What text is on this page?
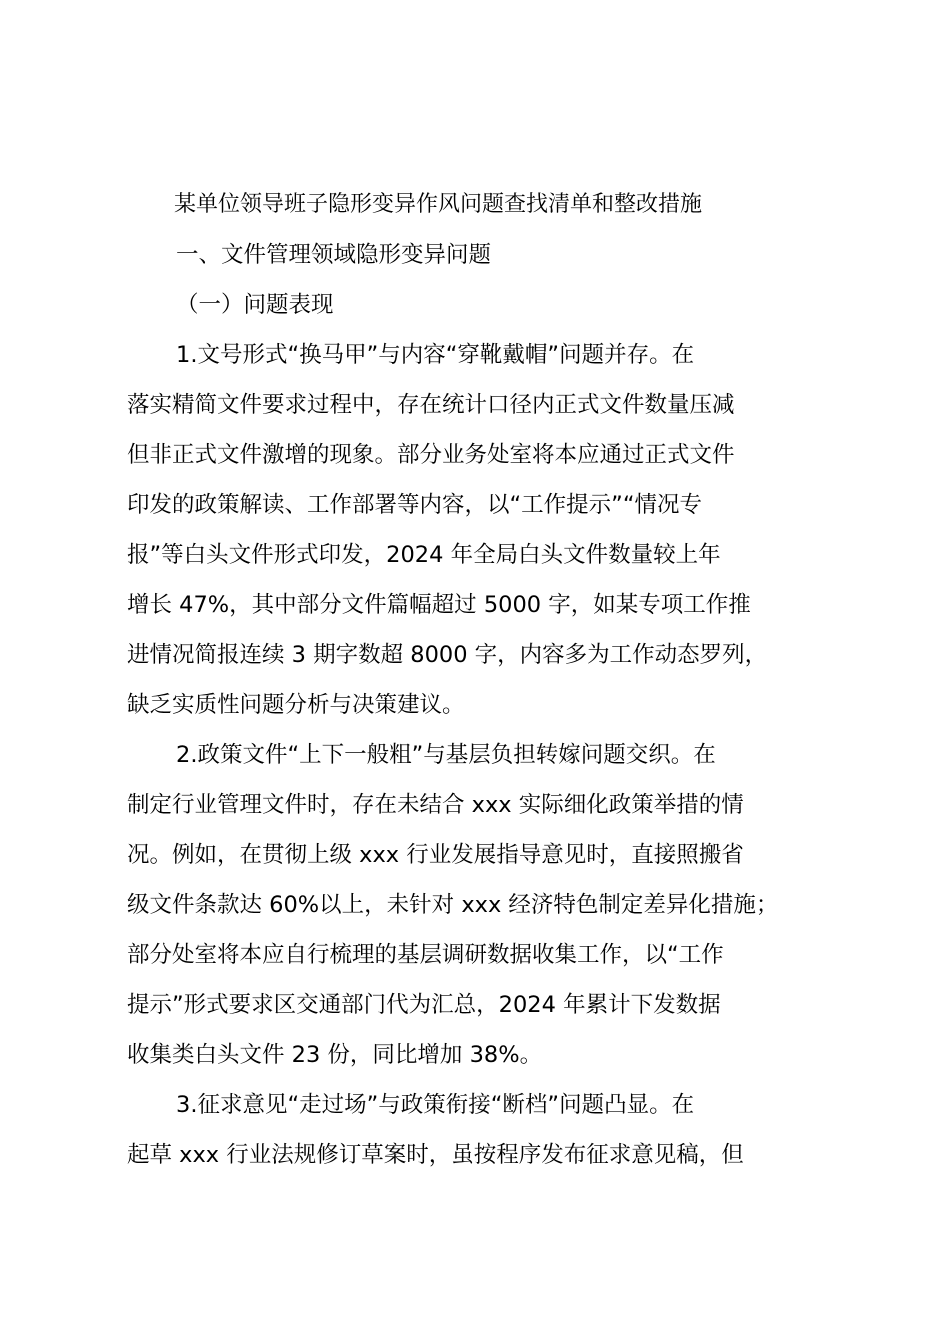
某单位领导班子隐形变异作风问题查找清单和整改措施
一、文件管理领域隐形变异问题
（一）问题表现
1.文号形式“换马甲”与内容“穿靴戴帽”问题并存。在
落实精简文件要求过程中，存在统计口径内正式文件数量压减
但非正式文件激增的现象。部分业务处室将本应通过正式文件
印发的政策解读、工作部署等内容，以“工作提示”“情况专
报”等白头文件形式印发，2024 年全局白头文件数量较上年
增长 47%，其中部分文件篇幅超过 5000 字，如某专项工作推
进情况简报连续 3 期字数超 8000 字，内容多为工作动态罗列，
缺乏实质性问题分析与决策建议。
2.政策文件“上下一般粗”与基层负担转嫁问题交织。在
制定行业管理文件时，存在未结合 xxx 实际细化政策举措的情
况。例如，在贯彻上级 xxx 行业发展指导意见时，直接照搬省
级文件条款达 60%以上，未针对 xxx 经济特色制定差异化措施；
部分处室将本应自行梳理的基层调研数据收集工作，以“工作
提示”形式要求区交通部门代为汇总，2024 年累计下发数据
收集类白头文件 23 份，同比增加 38%。
3.征求意见“走过场”与政策衔接“断档”问题凸显。在
起草 xxx 行业法规修订草案时，虽按程序发布征求意见稿，但
